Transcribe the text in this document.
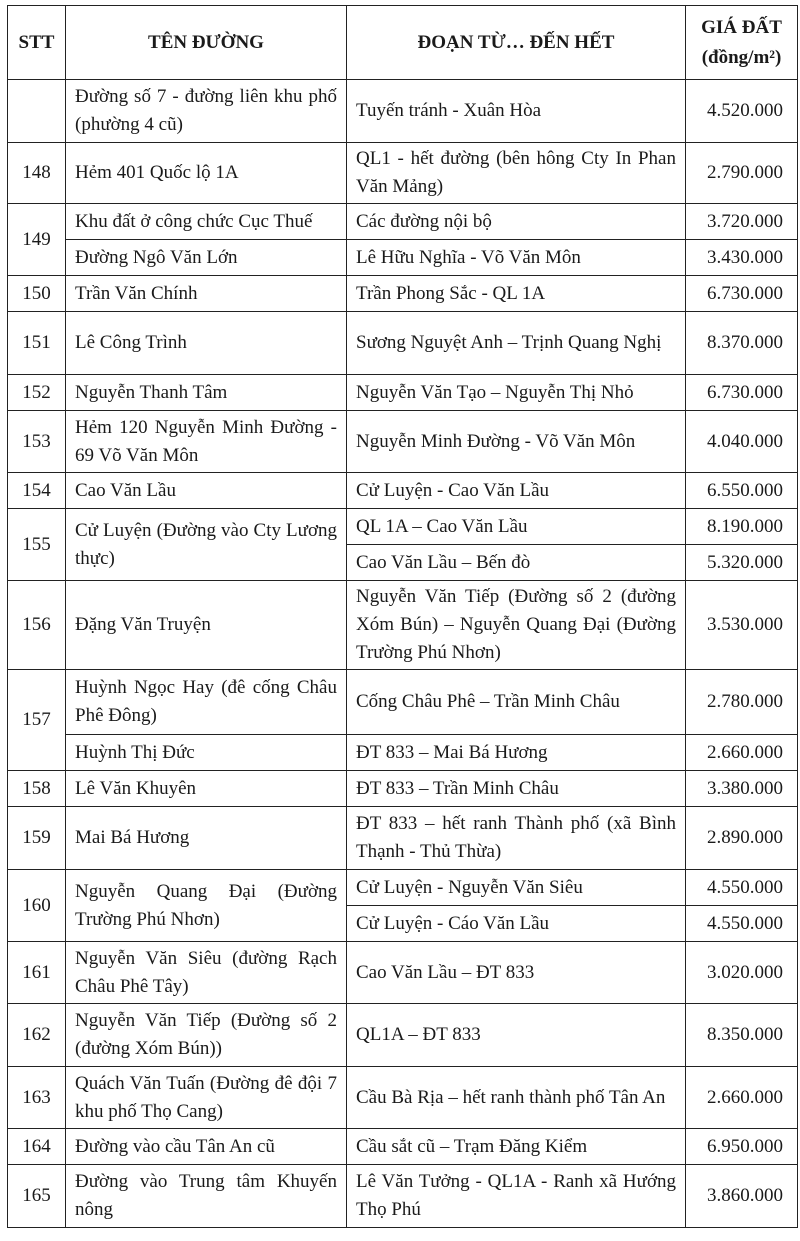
STT	TÊN ĐƯỜNG	ĐOẠN TỪ… ĐẾN HẾT	GIÁ ĐẤT
(đồng/m²)

	Đường số 7 - đường liên khu phố (phường 4 cũ)	Tuyến tránh - Xuân Hòa	4.520.000
148	Hẻm 401 Quốc lộ 1A	QL1 - hết đường (bên hông Cty In Phan Văn Mảng)	2.790.000
149	Khu đất ở công chức Cục Thuế	Các đường nội bộ	3.720.000
	Đường Ngô Văn Lớn	Lê Hữu Nghĩa - Võ Văn Môn	3.430.000
150	Trần Văn Chính	Trần Phong Sắc - QL 1A	6.730.000
151	Lê Công Trình	Sương Nguyệt Anh – Trịnh Quang Nghị	8.370.000
152	Nguyễn Thanh Tâm	Nguyễn Văn Tạo – Nguyễn Thị Nhỏ	6.730.000
153	Hẻm 120 Nguyễn Minh Đường - 69 Võ Văn Môn	Nguyễn Minh Đường - Võ Văn Môn	4.040.000
154	Cao Văn Lầu	Cử Luyện - Cao Văn Lầu	6.550.000
155	Cử Luyện (Đường vào Cty Lương thực)	QL 1A – Cao Văn Lầu	8.190.000
		Cao Văn Lầu – Bến đò	5.320.000
156	Đặng Văn Truyện	Nguyễn Văn Tiếp (Đường số 2 (đường Xóm Bún) – Nguyễn Quang Đại (Đường Trường Phú Nhơn)	3.530.000
157	Huỳnh Ngọc Hay (đê cống Châu Phê Đông)	Cống Châu Phê – Trần Minh Châu	2.780.000
	Huỳnh Thị Đức	ĐT 833 – Mai Bá Hương	2.660.000
158	Lê Văn Khuyên	ĐT 833 – Trần Minh Châu	3.380.000
159	Mai Bá Hương	ĐT 833 – hết ranh Thành phố (xã Bình Thạnh - Thủ Thừa)	2.890.000
160	Nguyễn Quang Đại (Đường Trường Phú Nhơn)	Cử Luyện - Nguyễn Văn Siêu	4.550.000
		Cử Luyện - Cáo Văn Lầu	4.550.000
161	Nguyễn Văn Siêu (đường Rạch Châu Phê Tây)	Cao Văn Lầu – ĐT 833	3.020.000
162	Nguyễn Văn Tiếp (Đường số 2 (đường Xóm Bún))	QL1A – ĐT 833	8.350.000
163	Quách Văn Tuấn (Đường đê đội 7 khu phố Thọ Cang)	Cầu Bà Rịa – hết ranh thành phố Tân An	2.660.000
164	Đường vào cầu Tân An cũ	Cầu sắt cũ – Trạm Đăng Kiểm	6.950.000
165	Đường vào Trung tâm Khuyến nông	Lê Văn Tưởng - QL1A - Ranh xã Hướng Thọ Phú	3.860.000
